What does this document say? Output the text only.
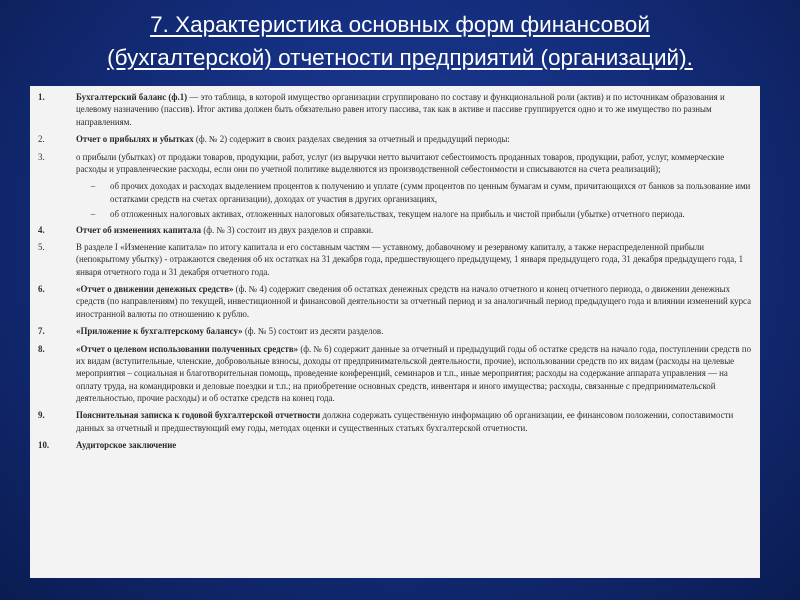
7. Характеристика основных форм финансовой
(бухгалтерской) отчетности предприятий (организаций).
1.	Бухгалтерский баланс (ф.1) — это таблица, в которой имущество организации сгруппировано по составу и функциональной роли (актив) и по источникам образования и целевому назначению (пассив). Итог актива должен быть обязательно равен итогу пассива, так как в активе и пассиве группируется одно и то же имущество по разным направлениям.
2.	Отчет о прибылях и убытках (ф. № 2) содержит в своих разделах сведения за отчетный и предыдущий периоды:
3.	о прибыли (убытках) от продажи товаров, продукции, работ, услуг (из выручки нетто вычитают себестоимость проданных товаров, продукции, работ, услуг, коммерческие расходы и управленческие расходы, если они по учетной политике выделяются из производственной себестоимости и списываются на счета реализаций);
–	об прочих доходах и расходах выделением процентов к получению и уплате (сумм процентов по ценным бумагам и сумм, причитающихся от банков за пользование ими остатками средств на счетах организации), доходах от участия в других организациях,
–	об отложенных налоговых активах, отложенных налоговых обязательствах, текущем налоге на прибыль и чистой прибыли (убытке) отчетного периода.
4.	Отчет об изменениях капитала (ф. № 3) состоит из двух разделов и справки.
5.	В разделе I «Изменение капитала» по итогу капитала и его составным частям — уставному, добавочному и резервному капиталу, а также нераспределенной прибыли (непокрытому убытку) - отражаются сведения об их остатках на 31 декабря года, предшествующего предыдущему, 1 января предыдущего года, 31 декабря предыдущего года, 1 января отчетного года и 31 декабря отчетного года.
6.	«Отчет о движении денежных средств» (ф. № 4) содержит сведения об остатках денежных средств на начало отчетного и конец отчетного периода, о движении денежных средств (по направлениям) по текущей, инвестиционной и финансовой деятельности за отчетный период и за аналогичный период предыдущего года и влиянии изменений курса иностранной валюты по отношению к рублю.
7.	«Приложение к бухгалтерскому балансу» (ф. № 5) состоит из десяти разделов.
8.	«Отчет о целевом использовании полученных средств» (ф. № 6) содержит данные за отчетный и предыдущий годы об остатке средств на начало года, поступлении средств по их видам (вступительные, членские, добровольные взносы, доходы от предпринимательской деятельности, прочие), использовании средств по их видам (расходы на целевые мероприятия – социальная и благотворительная помощь, проведение конференций, семинаров и т.п., иные мероприятия; расходы на содержание аппарата управления — на оплату труда, на командировки и деловые поездки и т.п.; на приобретение основных средств, инвентаря и иного имущества; расходы, связанные с предпринимательской деятельностью, прочие расходы) и об остатке средств на конец года.
9.	Пояснительная записка к годовой бухгалтерской отчетности должна содержать существенную информацию об организации, ее финансовом положении, сопоставимости данных за отчетный и предшествующий ему годы, методах оценки и существенных статьях бухгалтерской отчетности.
10.	Аудиторское заключение
